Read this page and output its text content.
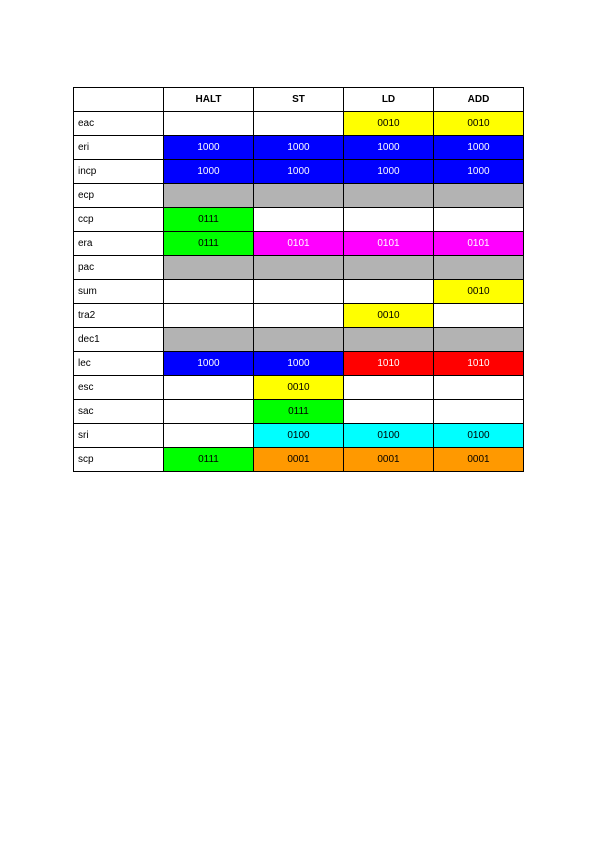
	HALT	ST	LD	ADD
eac			0010	0010
eri	1000	1000	1000	1000
incp	1000	1000	1000	1000
ecp				
ccp	0111			
era	0111	0101	0101	0101
pac				
sum				0010
tra2			0010	
dec1				
lec	1000	1000	1010	1010
esc		0010		
sac		0111		
sri		0100	0100	0100
scp	0111	0001	0001	0001
